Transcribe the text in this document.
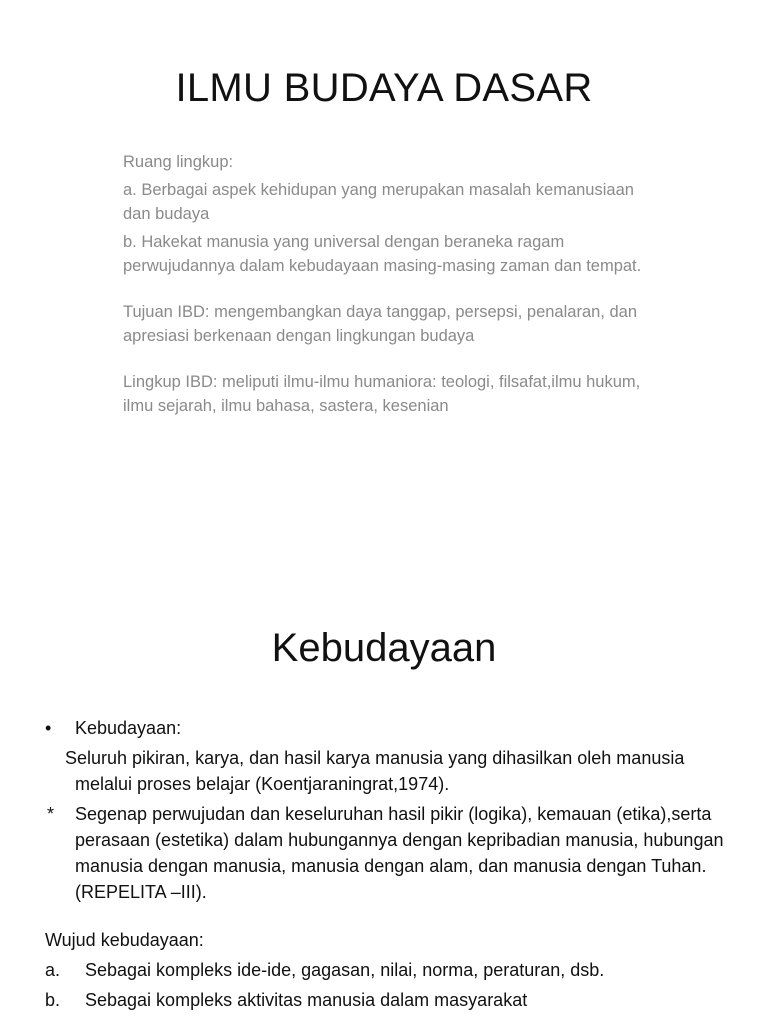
ILMU BUDAYA DASAR

Ruang lingkup:

a. Berbagai aspek kehidupan yang merupakan masalah kemanusiaan dan budaya

b. Hakekat manusia yang universal dengan beraneka ragam perwujudannya dalam kebudayaan masing-masing zaman dan tempat.

Tujuan IBD: mengembangkan daya tanggap, persepsi, penalaran, dan apresiasi berkenaan dengan lingkungan budaya

Lingkup IBD: meliputi ilmu-ilmu humaniora: teologi, filsafat,ilmu hukum, ilmu sejarah, ilmu bahasa, sastera, kesenian

Kebudayaan
• Kebudayaan:
Seluruh pikiran, karya, dan hasil karya manusia yang dihasilkan oleh manusia melalui proses belajar (Koentjaraningrat,1974).
* Segenap perwujudan dan keseluruhan hasil pikir (logika), kemauan (etika),serta perasaan (estetika) dalam hubungannya dengan kepribadian manusia, hubungan manusia dengan manusia, manusia dengan alam, dan manusia dengan Tuhan. (REPELITA –III).
Wujud kebudayaan:
a. Sebagai kompleks ide-ide, gagasan, nilai, norma, peraturan, dsb.
b. Sebagai kompleks aktivitas manusia dalam masyarakat
